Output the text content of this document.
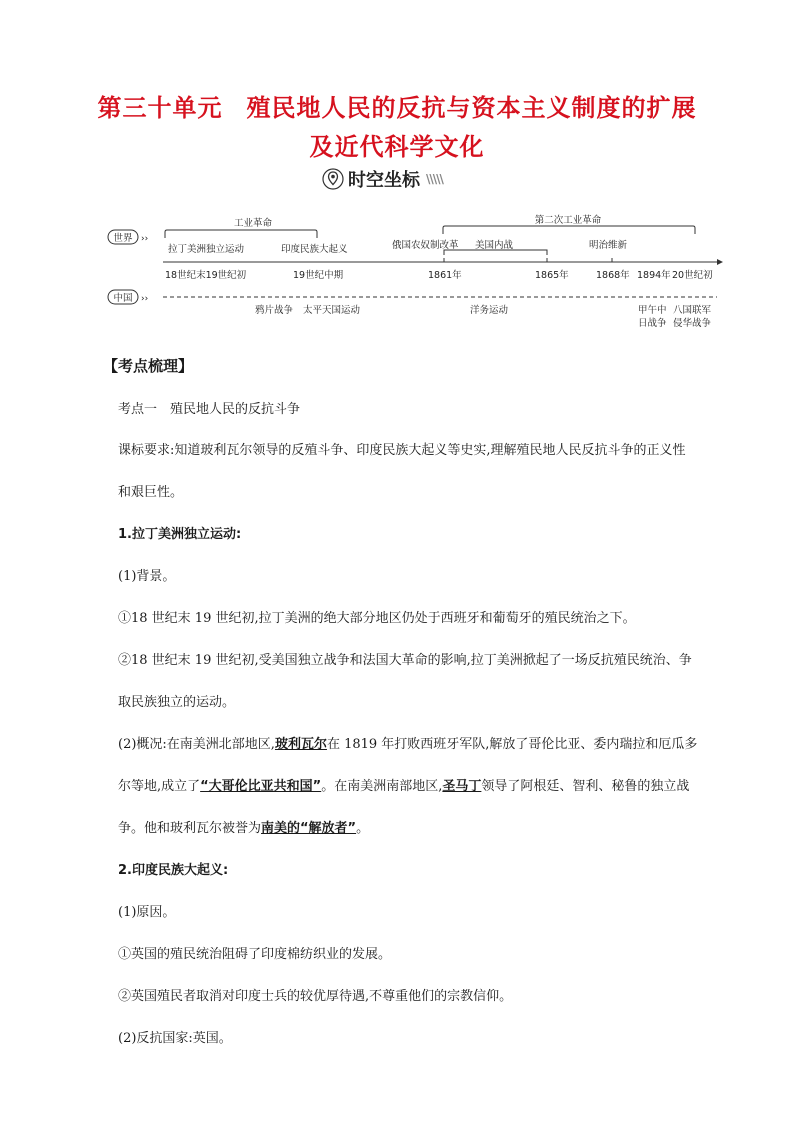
第三十单元 殖民地人民的反抗与资本主义制度的扩展
及近代科学文化
时空坐标 \\\\\
世界 ››
中国 ››
工业革命	第二次工业革命
拉丁美洲独立运动	印度民族大起义	俄国农奴制改革 美国内战	明治维新
18世纪末19世纪初	19世纪中期	1861年	1865年	1868年 1894年 20世纪初
鸦片战争 太平天国运动	洋务运动	甲午中
日战争
八国联军
侵华战争
【考点梳理】
考点一　殖民地人民的反抗斗争
课标要求:知道玻利瓦尔领导的反殖斗争、印度民族大起义等史实,理解殖民地人民反抗斗争的正义性
和艰巨性。
1.拉丁美洲独立运动:
(1)背景。
①18 世纪末 19 世纪初,拉丁美洲的绝大部分地区仍处于西班牙和葡萄牙的殖民统治之下。
②18 世纪末 19 世纪初,受美国独立战争和法国大革命的影响,拉丁美洲掀起了一场反抗殖民统治、争
取民族独立的运动。
(2)概况:在南美洲北部地区,玻利瓦尔在 1819 年打败西班牙军队,解放了哥伦比亚、委内瑞拉和厄瓜多
尔等地,成立了“大哥伦比亚共和国”。在南美洲南部地区,圣马丁领导了阿根廷、智利、秘鲁的独立战
争。他和玻利瓦尔被誉为南美的“解放者”。
2.印度民族大起义:
(1)原因。
①英国的殖民统治阻碍了印度棉纺织业的发展。
②英国殖民者取消对印度士兵的较优厚待遇,不尊重他们的宗教信仰。
(2)反抗国家:英国。
